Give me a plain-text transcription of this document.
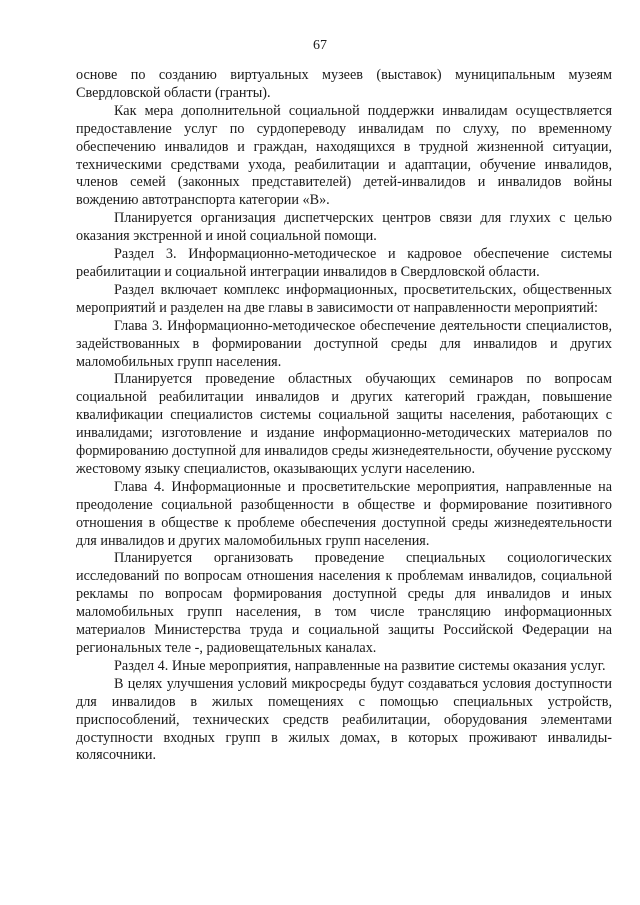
67

основе по созданию виртуальных музеев (выставок) муниципальным музеям Свердловской области (гранты).

Как мера дополнительной социальной поддержки инвалидам осуществляется предоставление услуг по сурдопереводу инвалидам по слуху, по временному обеспечению инвалидов и граждан, находящихся в трудной жизненной ситуации, техническими средствами ухода, реабилитации и адаптации, обучение инвалидов, членов семей (законных представителей) детей-инвалидов и инвалидов войны вождению автотранспорта категории «В».

Планируется организация диспетчерских центров связи для глухих с целью оказания экстренной и иной социальной помощи.

Раздел 3. Информационно-методическое и кадровое обеспечение системы реабилитации и социальной интеграции инвалидов в Свердловской области.

Раздел включает комплекс информационных, просветительских, общественных мероприятий и разделен на две главы в зависимости от направленности мероприятий:

Глава 3. Информационно-методическое обеспечение деятельности специалистов, задействованных в формировании доступной среды для инвалидов и других маломобильных групп населения.

Планируется проведение областных обучающих семинаров по вопросам социальной реабилитации инвалидов и других категорий граждан, повышение квалификации специалистов системы социальной защиты населения, работающих с инвалидами; изготовление и издание информационно-методических материалов по формированию доступной для инвалидов среды жизнедеятельности, обучение русскому жестовому языку специалистов, оказывающих услуги населению.

Глава 4. Информационные и просветительские мероприятия, направленные на преодоление социальной разобщенности в обществе и формирование позитивного отношения в обществе к проблеме обеспечения доступной среды жизнедеятельности для инвалидов и других маломобильных групп населения.

Планируется организовать проведение специальных социологических исследований по вопросам отношения населения к проблемам инвалидов, социальной рекламы по вопросам формирования доступной среды для инвалидов и иных маломобильных групп населения, в том числе трансляцию информационных материалов Министерства труда и социальной защиты Российской Федерации на региональных теле -, радиовещательных каналах.

Раздел 4. Иные мероприятия, направленные на развитие системы оказания услуг.

В целях улучшения условий микросреды будут создаваться условия доступности для инвалидов в жилых помещениях с помощью специальных устройств, приспособлений, технических средств реабилитации, оборудования элементами доступности входных групп в жилых домах, в которых проживают инвалиды-колясочники.
